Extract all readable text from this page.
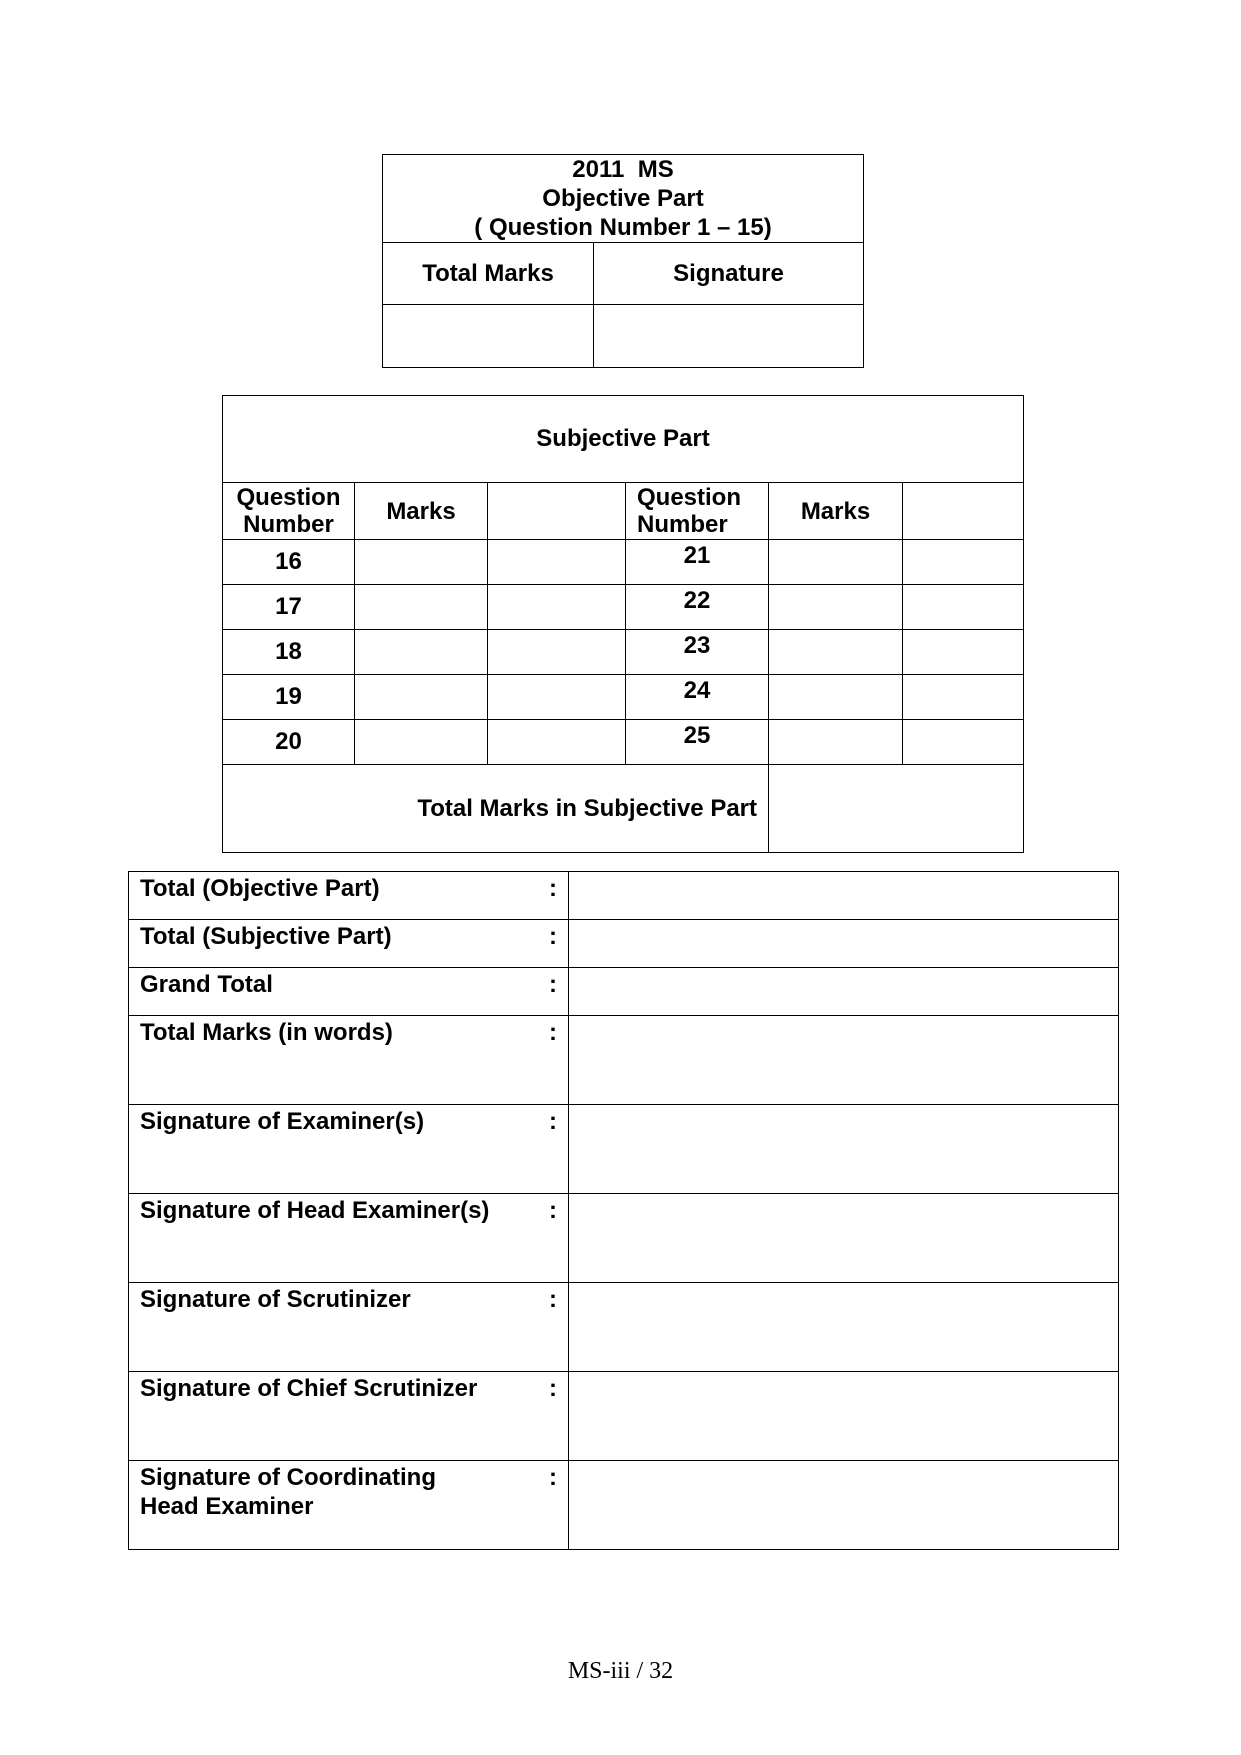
2011  MS
Objective Part
( Question Number 1 – 15)	

Total Marks	Signature

Subjective Part					
Question Number	Marks		Question Number	Marks	
16			21		
17			22		
18			23		
19			24		
20			25		
Total Marks in Subjective Part					
Total (Objective Part) :	

Total (Subjective Part) :	

Grand Total :	

Total Marks (in words) :	

Signature of Examiner(s) :	

Signature of Head Examiner(s) :	

Signature of Scrutinizer :	

Signature of Chief Scrutinizer :	

Signature of Coordinating Head Examiner
:	

MS-iii / 32
